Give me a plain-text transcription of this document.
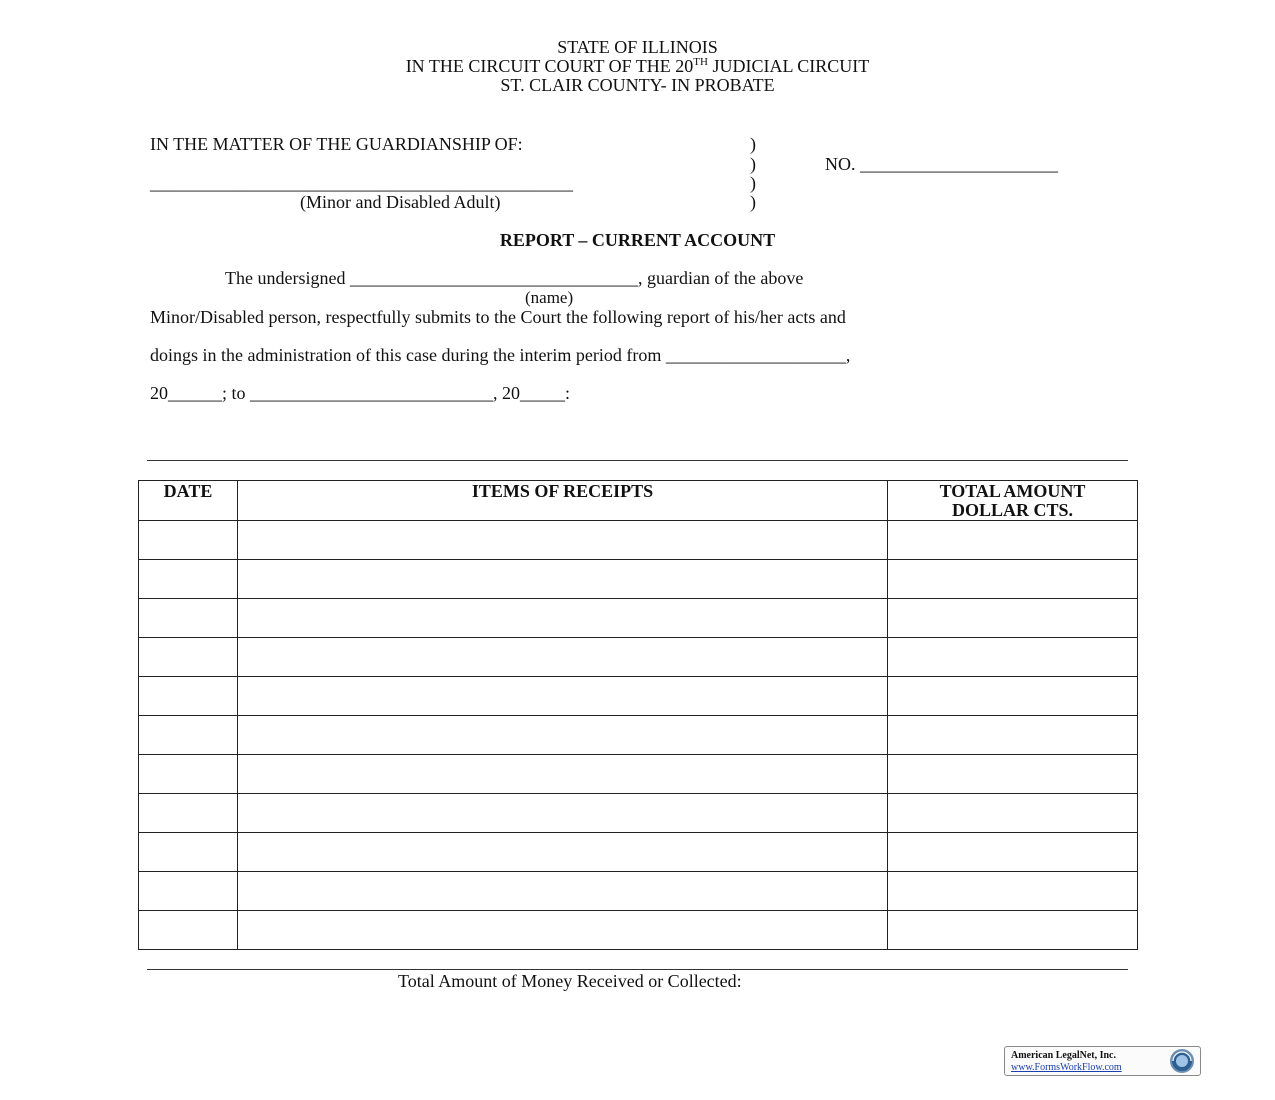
STATE OF ILLINOIS
IN THE CIRCUIT COURT OF THE 20TH JUDICIAL CIRCUIT
ST. CLAIR COUNTY- IN PROBATE
IN THE MATTER OF THE GUARDIANSHIP OF:	)
)	NO. ______________________
_______________________________________________	)
(Minor and Disabled Adult)	)
REPORT – CURRENT ACCOUNT
The undersigned ________________________________, guardian of the above
(name)
Minor/Disabled person, respectfully submits to the Court the following report of his/her acts and
doings in the administration of this case during the interim period from ____________________,
20______; to ___________________________, 20_____:
DATE	ITEMS OF RECEIPTS	TOTAL AMOUNT
DOLLAR CTS.

Total Amount of Money Received or Collected:
American LegalNet, Inc.
www.FormsWorkFlow.com
